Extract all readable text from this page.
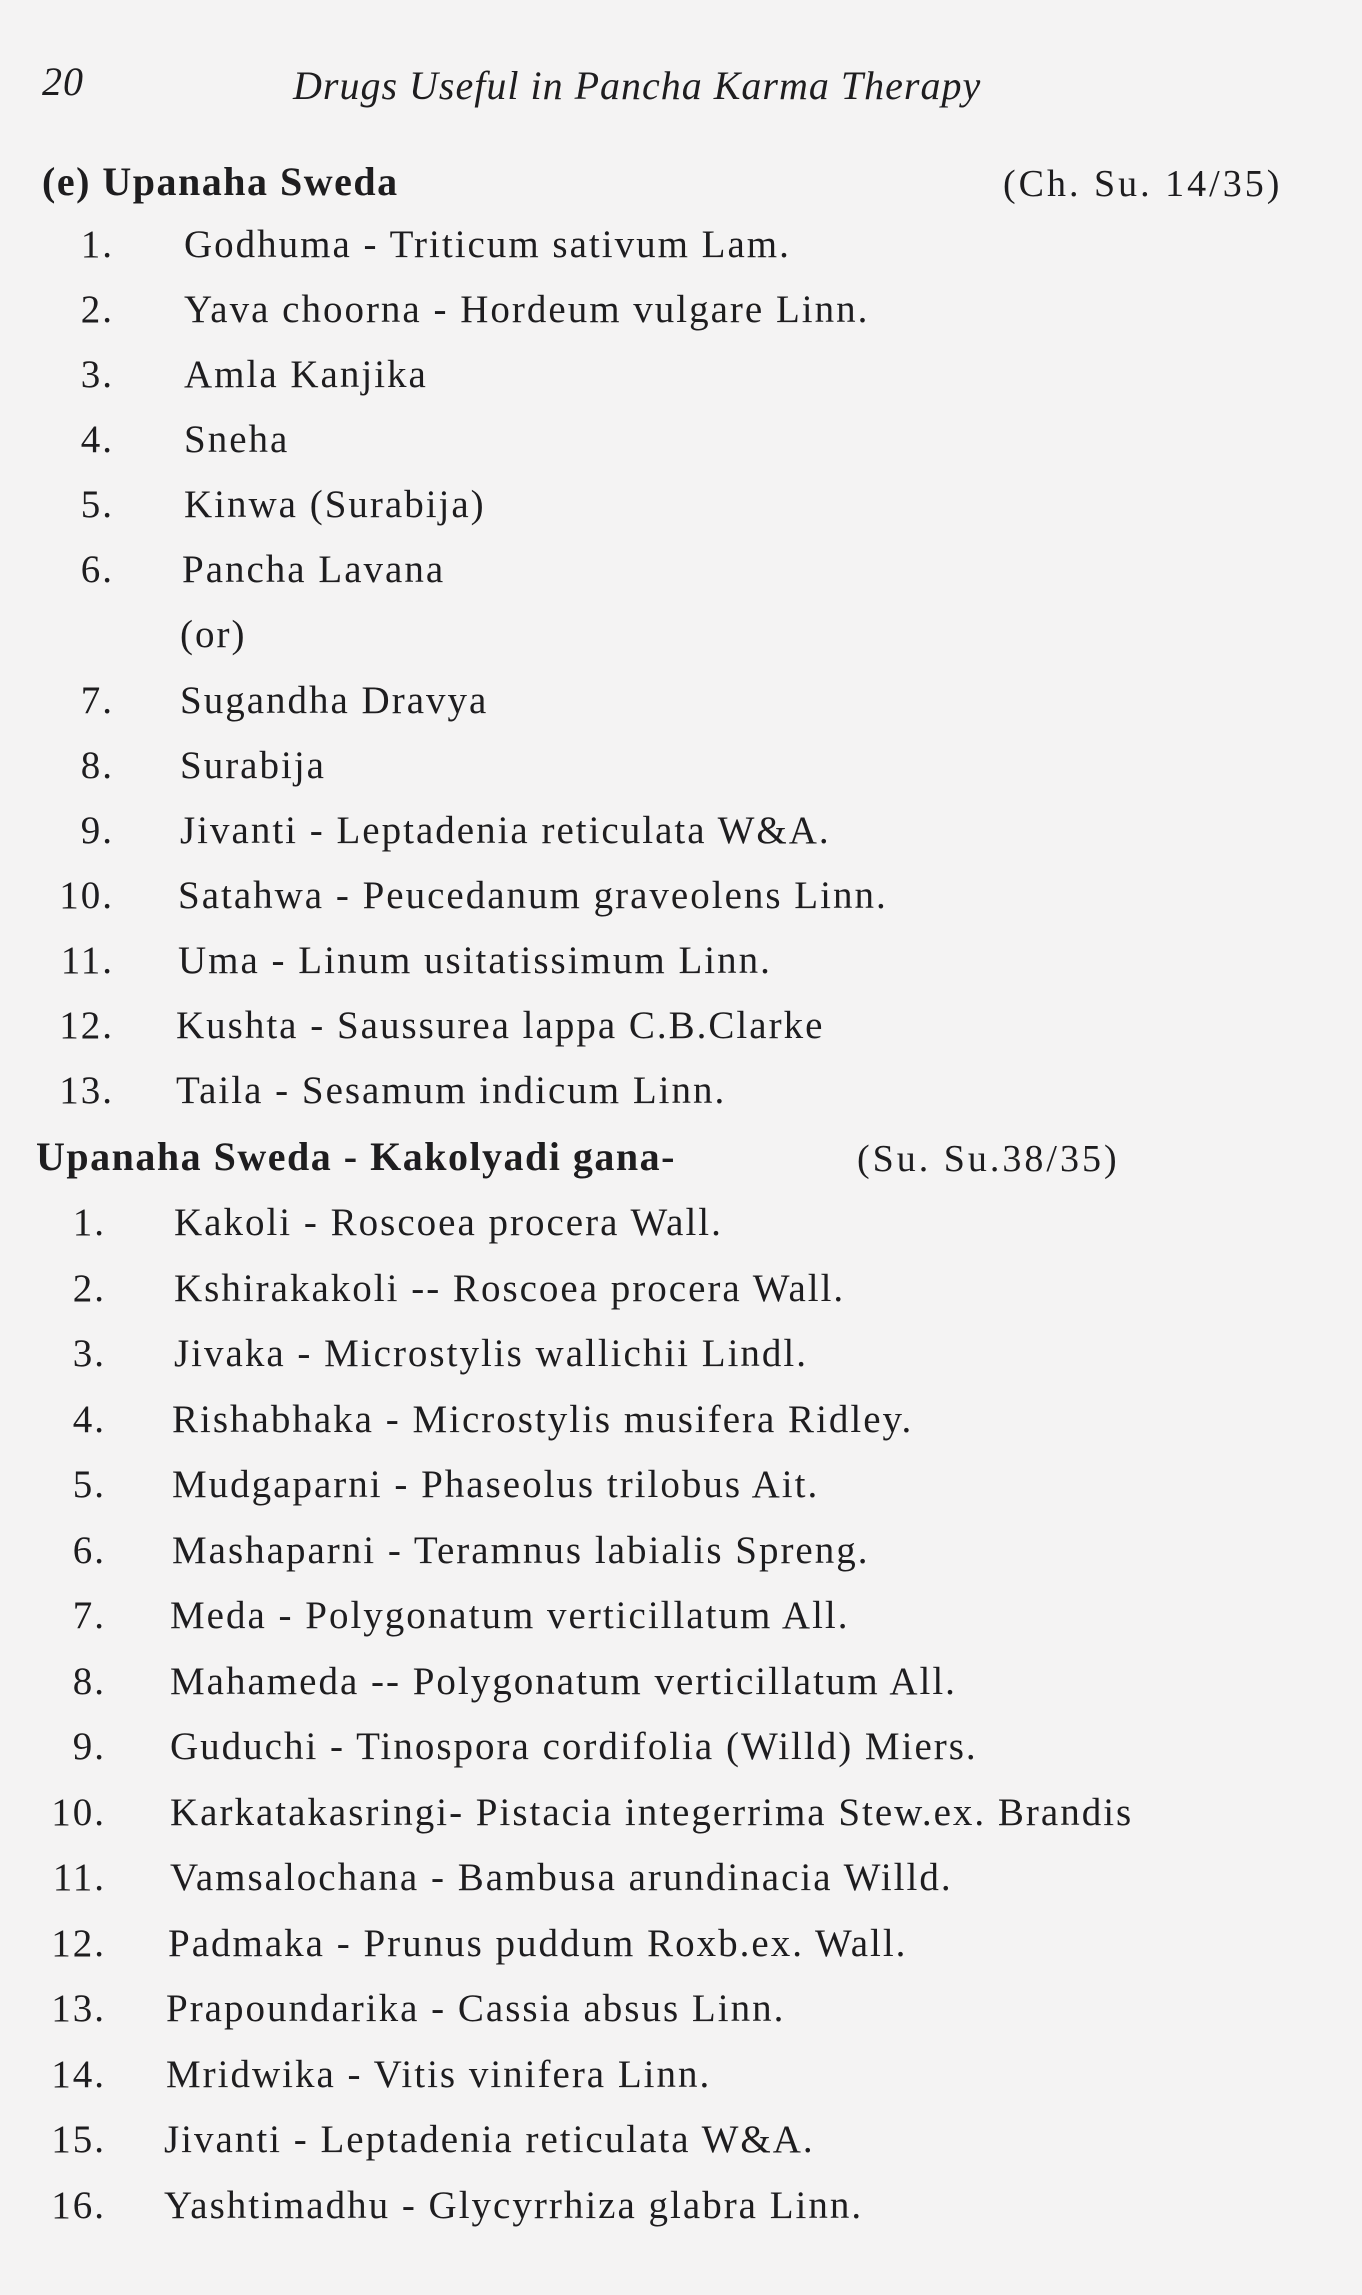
20	Drugs Useful in Pancha Karma Therapy
(e) Upanaha Sweda	(Ch. Su. 14/35)
1. Godhuma - Triticum sativum Lam.
2. Yava choorna - Hordeum vulgare Linn.
3. Amla Kanjika
4. Sneha
5. Kinwa (Surabija)
6. Pancha Lavana
(or)
7. Sugandha Dravya
8. Surabija
9. Jivanti - Leptadenia reticulata W&A.
10. Satahwa - Peucedanum graveolens Linn.
11. Uma - Linum usitatissimum Linn.
12. Kushta - Saussurea lappa C.B.Clarke
13. Taila - Sesamum indicum Linn.
Upanaha Sweda - Kakolyadi gana-	(Su. Su.38/35)
1. Kakoli - Roscoea procera Wall.
2. Kshirakakoli -- Roscoea procera Wall.
3. Jivaka - Microstylis wallichii Lindl.
4. Rishabhaka - Microstylis musifera Ridley.
5. Mudgaparni - Phaseolus trilobus Ait.
6. Mashaparni - Teramnus labialis Spreng.
7. Meda - Polygonatum verticillatum All.
8. Mahameda -- Polygonatum verticillatum All.
9. Guduchi - Tinospora cordifolia (Willd) Miers.
10. Karkatakasringi- Pistacia integerrima Stew.ex. Brandis
11. Vamsalochana - Bambusa arundinacia Willd.
12. Padmaka - Prunus puddum Roxb.ex. Wall.
13. Prapoundarika - Cassia absus Linn.
14. Mridwika - Vitis vinifera Linn.
15. Jivanti - Leptadenia reticulata W&A.
16. Yashtimadhu - Glycyrrhiza glabra Linn.
